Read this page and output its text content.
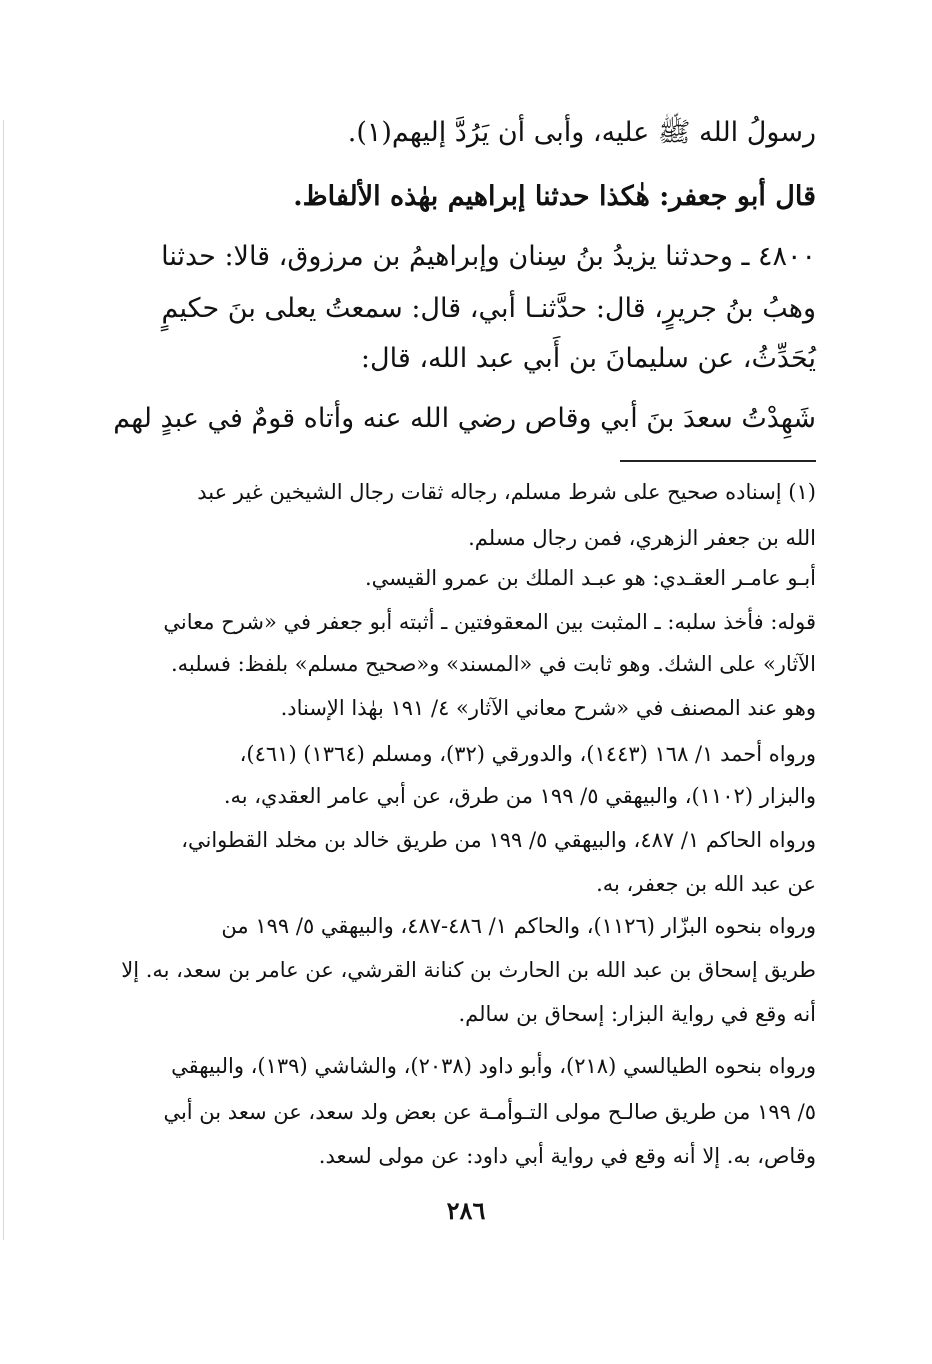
رسولُ الله ﷺ عليه، وأبى أن يَرُدَّ إليهم(١).
قال أبو جعفر: هٰكذا حدثنا إبراهيم بهٰذه الألفاظ.
٤٨٠٠ ـ وحدثنا يزيدُ بنُ سِنان وإبراهيمُ بن مرزوق، قالا: حدثنا
وهبُ بنُ جريرٍ، قال: حدَّثنـا أبي، قال: سمعتُ يعلى بنَ حكيمٍ
يُحَدِّثُ، عن سليمانَ بن أَبي عبد الله، قال:
شَهِدْتُ سعدَ بنَ أبي وقاص رضي الله عنه وأتاه قومٌ في عبدٍ لهم
(١) إسناده صحيح على شرط مسلم، رجاله ثقات رجال الشيخين غير عبد
الله بن جعفر الزهري، فمن رجال مسلم.
أبـو عامـر العقـدي: هو عبـد الملك بن عمرو القيسي.
قوله: فأخذ سلبه: ـ المثبت بين المعقوفتين ـ أثبته أبو جعفر في «شرح معاني
الآثار» على الشك. وهو ثابت في «المسند» و«صحيح مسلم» بلفظ: فسلبه.
وهو عند المصنف في «شرح معاني الآثار» ٤/ ١٩١ بهٰذا الإسناد.
ورواه أحمد ١/ ١٦٨ (١٤٤٣)، والدورقي (٣٢)، ومسلم (١٣٦٤) (٤٦١)،
والبزار (١١٠٢)، والبيهقي ٥/ ١٩٩ من طرق، عن أبي عامر العقدي، به.
ورواه الحاكم ١/ ٤٨٧، والبيهقي ٥/ ١٩٩ من طريق خالد بن مخلد القطواني،
عن عبد الله بن جعفر، به.
ورواه بنحوه البزّار (١١٢٦)، والحاكم ١/ ٤٨٦-٤٨٧، والبيهقي ٥/ ١٩٩ من
طريق إسحاق بن عبد الله بن الحارث بن كنانة القرشي، عن عامر بن سعد، به. إلا
أنه وقع في رواية البزار: إسحاق بن سالم.
ورواه بنحوه الطيالسي (٢١٨)، وأبو داود (٢٠٣٨)، والشاشي (١٣٩)، والبيهقي
٥/ ١٩٩ من طريق صالـح مولى التـوأمـة عن بعض ولد سعد، عن سعد بن أبي
وقاص، به. إلا أنه وقع في رواية أبي داود: عن مولى لسعد.
٢٨٦
